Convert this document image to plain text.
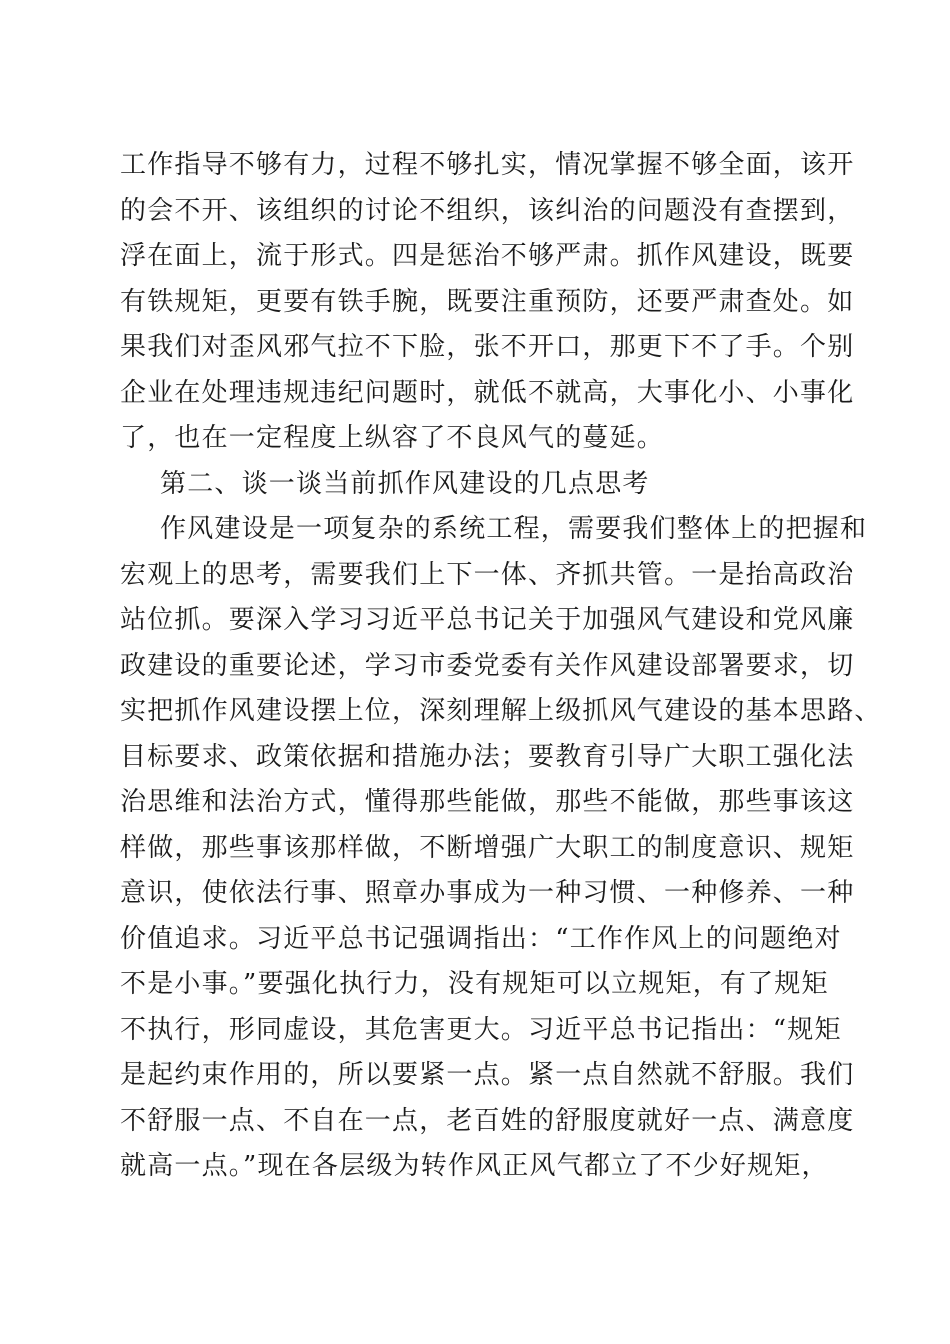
工作指导不够有力，过程不够扎实，情况掌握不够全面，该开
的会不开、该组织的讨论不组织，该纠治的问题没有查摆到，
浮在面上，流于形式。四是惩治不够严肃。抓作风建设，既要
有铁规矩，更要有铁手腕，既要注重预防，还要严肃查处。如
果我们对歪风邪气拉不下脸，张不开口，那更下不了手。个别
企业在处理违规违纪问题时，就低不就高，大事化小、小事化
了，也在一定程度上纵容了不良风气的蔓延。
第二、谈一谈当前抓作风建设的几点思考
作风建设是一项复杂的系统工程，需要我们整体上的把握和
宏观上的思考，需要我们上下一体、齐抓共管。一是抬高政治
站位抓。要深入学习习近平总书记关于加强风气建设和党风廉
政建设的重要论述，学习市委党委有关作风建设部署要求，切
实把抓作风建设摆上位，深刻理解上级抓风气建设的基本思路、
目标要求、政策依据和措施办法；要教育引导广大职工强化法
治思维和法治方式，懂得那些能做，那些不能做，那些事该这
样做，那些事该那样做，不断增强广大职工的制度意识、规矩
意识，使依法行事、照章办事成为一种习惯、一种修养、一种
价值追求。习近平总书记强调指出：“工作作风上的问题绝对
不是小事。”要强化执行力，没有规矩可以立规矩，有了规矩
不执行，形同虚设，其危害更大。习近平总书记指出：“规矩
是起约束作用的，所以要紧一点。紧一点自然就不舒服。我们
不舒服一点、不自在一点，老百姓的舒服度就好一点、满意度
就高一点。”现在各层级为转作风正风气都立了不少好规矩，
